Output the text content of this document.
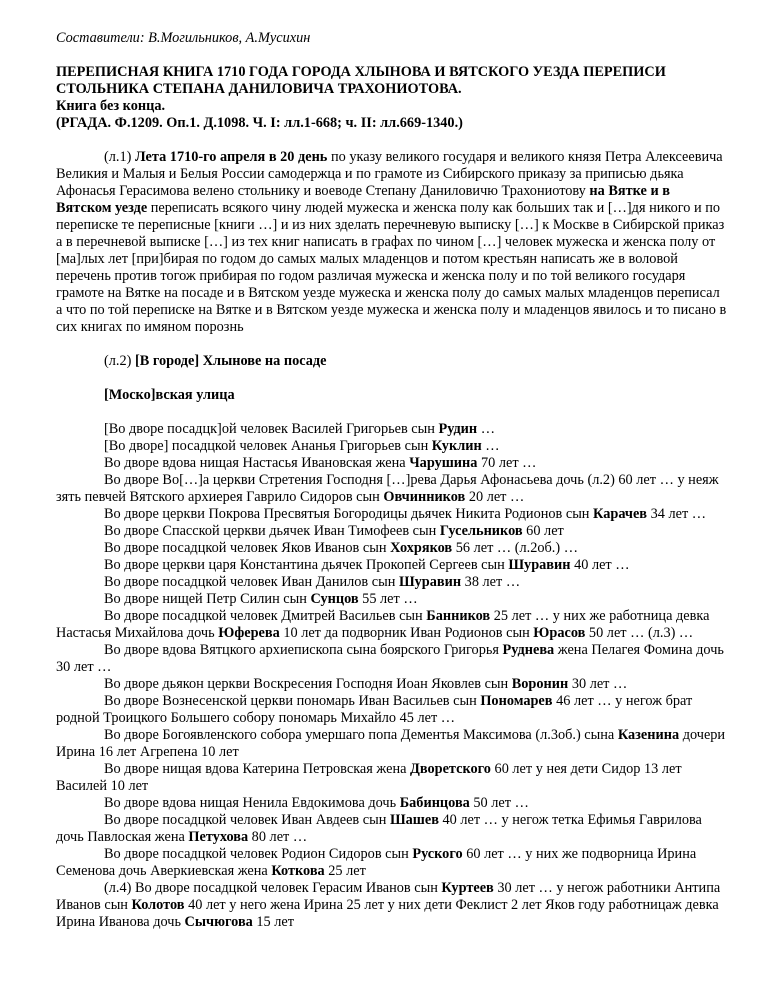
Составители: В.Могильников, А.Мусихин

ПЕРЕПИСНАЯ КНИГА 1710 ГОДА ГОРОДА ХЛЫНОВА И ВЯТСКОГО УЕЗДА ПЕРЕПИСИ

СТОЛЬНИКА СТЕПАНА ДАНИЛОВИЧА ТРАХОНИОТОВА.

Книга без конца.

(РГАДА. Ф.1209. Оп.1. Д.1098. Ч. I: лл.1-668; ч. II: лл.669-1340.)

(л.1) Лета 1710-го апреля в 20 день по указу великого государя и великого князя Петра Алексеевича Великия и Малыя и Белыя России самодержца и по грамоте из Сибирского приказу за приписью дьяка Афонасья Герасимова велено стольнику и воеводе Степану Даниловичю Трахониотову на Вятке и в Вятском уезде переписать всякого чину людей мужеска и женска полу как больших так и […]дя никого и по переписке те переписные [книги …] и из них зделать перечневую выписку […] к Москве в Сибирской приказ а в перечневой выписке […] из тех книг написать в графах по чином […] человек мужеска и женска полу от [ма]лых лет [при]бирая по годом до самых малых младенцов и потом крестьян написать же в воловой перечень против тогож прибирая по годом различая мужеска и женска полу и по той великого государя грамоте на Вятке на посаде и в Вятском уезде мужеска и женска полу до самых малых младенцов переписал а что по той переписке на Вятке и в Вятском уезде мужеска и женска полу и младенцов явилось и то писано в сих книгах по имяном порознь

(л.2) [В городе] Хлынове на посаде

[Моско]вская улица

[Во дворе посадцк]ой человек Василей Григорьев сын Рудин …

[Во дворе] посадцкой человек Ананья Григорьев сын Куклин …

Во дворе вдова нищая Настасья Ивановская жена Чарушина 70 лет …

Во дворе Во[…]а церкви Стретения Господня […]рева Дарья Афонасьева дочь (л.2) 60 лет … у неяж зять певчей Вятского архиерея Гаврило Сидоров сын Овчинников 20 лет …

Во дворе церкви Покрова Пресвятыя Богородицы дьячек Никита Родионов сын Карачев 34 лет …

Во дворе Спасской церкви дьячек Иван Тимофеев сын Гусельников 60 лет

Во дворе посадцкой человек Яков Иванов сын Хохряков 56 лет … (л.2об.) …

Во дворе церкви царя Константина дьячек Прокопей Сергеев сын Шуравин 40 лет …

Во дворе посадцкой человек Иван Данилов сын Шуравин 38 лет …

Во дворе нищей Петр Силин сын Сунцов 55 лет …

Во дворе посадцкой человек Дмитрей Васильев сын Банников 25 лет … у них же работница девка Настасья Михайлова дочь Юферева 10 лет да подворник Иван Родионов сын Юрасов 50 лет … (л.3) …

Во дворе вдова Вятцкого архиепископа сына боярского Григорья Руднева жена Пелагея Фомина дочь 30 лет …

Во дворе дьякон церкви Воскресения Господня Иоан Яковлев сын Воронин 30 лет …

Во дворе Вознесенской церкви пономарь Иван Васильев сын Пономарев 46 лет … у негож брат родной Троицкого Большего собору пономарь Михайло 45 лет …

Во дворе Богоявленского собора умершаго попа Дементья Максимова (л.3об.) сына Казенина дочери Ирина 16 лет Агрепена 10 лет

Во дворе нищая вдова Катерина Петровская жена Дворетского 60 лет у нея дети Сидор 13 лет Василей 10 лет

Во дворе вдова нищая Ненила Евдокимова дочь Бабинцова 50 лет …

Во дворе посадцкой человек Иван Авдеев сын Шашев 40 лет … у негож тетка Ефимья Гаврилова дочь Павлоская жена Петухова 80 лет …

Во дворе посадцкой человек Родион Сидоров сын Руского 60 лет … у них же подворница Ирина Семенова дочь Аверкиевская жена Коткова 25 лет

(л.4) Во дворе посадцкой человек Герасим Иванов сын Куртеев 30 лет … у негож работники Антипа Иванов сын Колотов 40 лет у него жена Ирина 25 лет у них дети Феклист 2 лет Яков году работницаж девка Ирина Иванова дочь Сычюгова 15 лет
